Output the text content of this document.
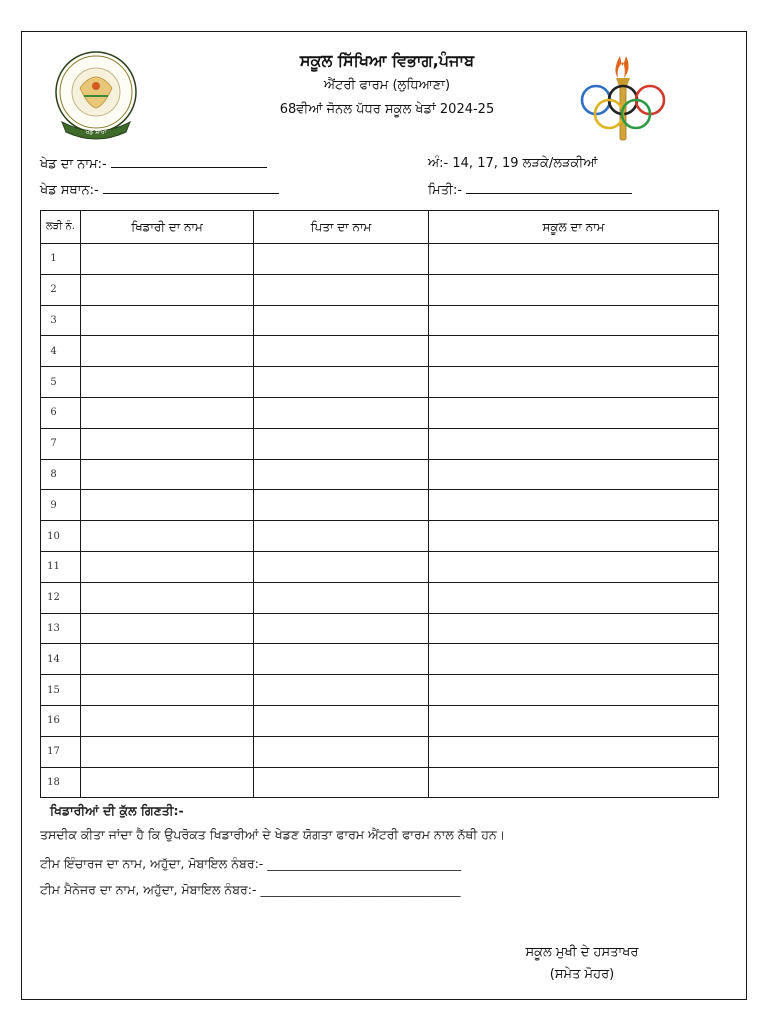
ਖੇਡ ਸ਼ਾਖਾ
ਸਕੂਲ ਸਿੱਖਿਆ ਵਿਭਾਗ,ਪੰਜਾਬ
ਐਂਟਰੀ ਫਾਰਮ (ਲੁਧਿਆਣਾ)
68ਵੀਆਂ ਜੋਨਲ ਪੱਧਰ ਸਕੂਲ ਖੇਡਾਂ 2024-25
ਖੇਡ ਦਾ ਨਾਮ:-	ਅੰ:- 14, 17, 19 ਲੜਕੇ/ਲੜਕੀਆਂ
ਖੇਡ ਸਥਾਨ:-	ਮਿਤੀ:-
ਲੜੀ ਨੰ.	ਖਿਡਾਰੀ ਦਾ ਨਾਮ	ਪਿਤਾ ਦਾ ਨਾਮ	ਸਕੂਲ ਦਾ ਨਾਮ
1			
2			
3			
4			
5			
6			
7			
8			
9			
10			
11			
12			
13			
14			
15			
16			
17			
18			
ਖਿਡਾਰੀਆਂ ਦੀ ਕੁੱਲ ਗਿਣਤੀ:-
ਤਸਦੀਕ ਕੀਤਾ ਜਾਂਦਾ ਹੈ ਕਿ ਉਪਰੋਕਤ ਖਿਡਾਰੀਆਂ ਦੇ ਖੇਡਣ ਯੋਗਤਾ ਫਾਰਮ ਐਂਟਰੀ ਫਾਰਮ ਨਾਲ ਨੱਥੀ ਹਨ।
ਟੀਮ ਇੰਚਾਰਜ ਦਾ ਨਾਮ, ਅਹੁੱਦਾ, ਮੋਬਾਇਲ ਨੰਬਰ:- _______________________________
ਟੀਮ ਮੈਨੇਜਰ ਦਾ ਨਾਮ, ਅਹੁੱਦਾ, ਮੋਬਾਇਲ ਨੰਬਰ:- ________________________________
ਸਕੂਲ ਮੁਖੀ ਦੇ ਹਸਤਾਖਰ
(ਸਮੇਤ ਮੋਹਰ)
